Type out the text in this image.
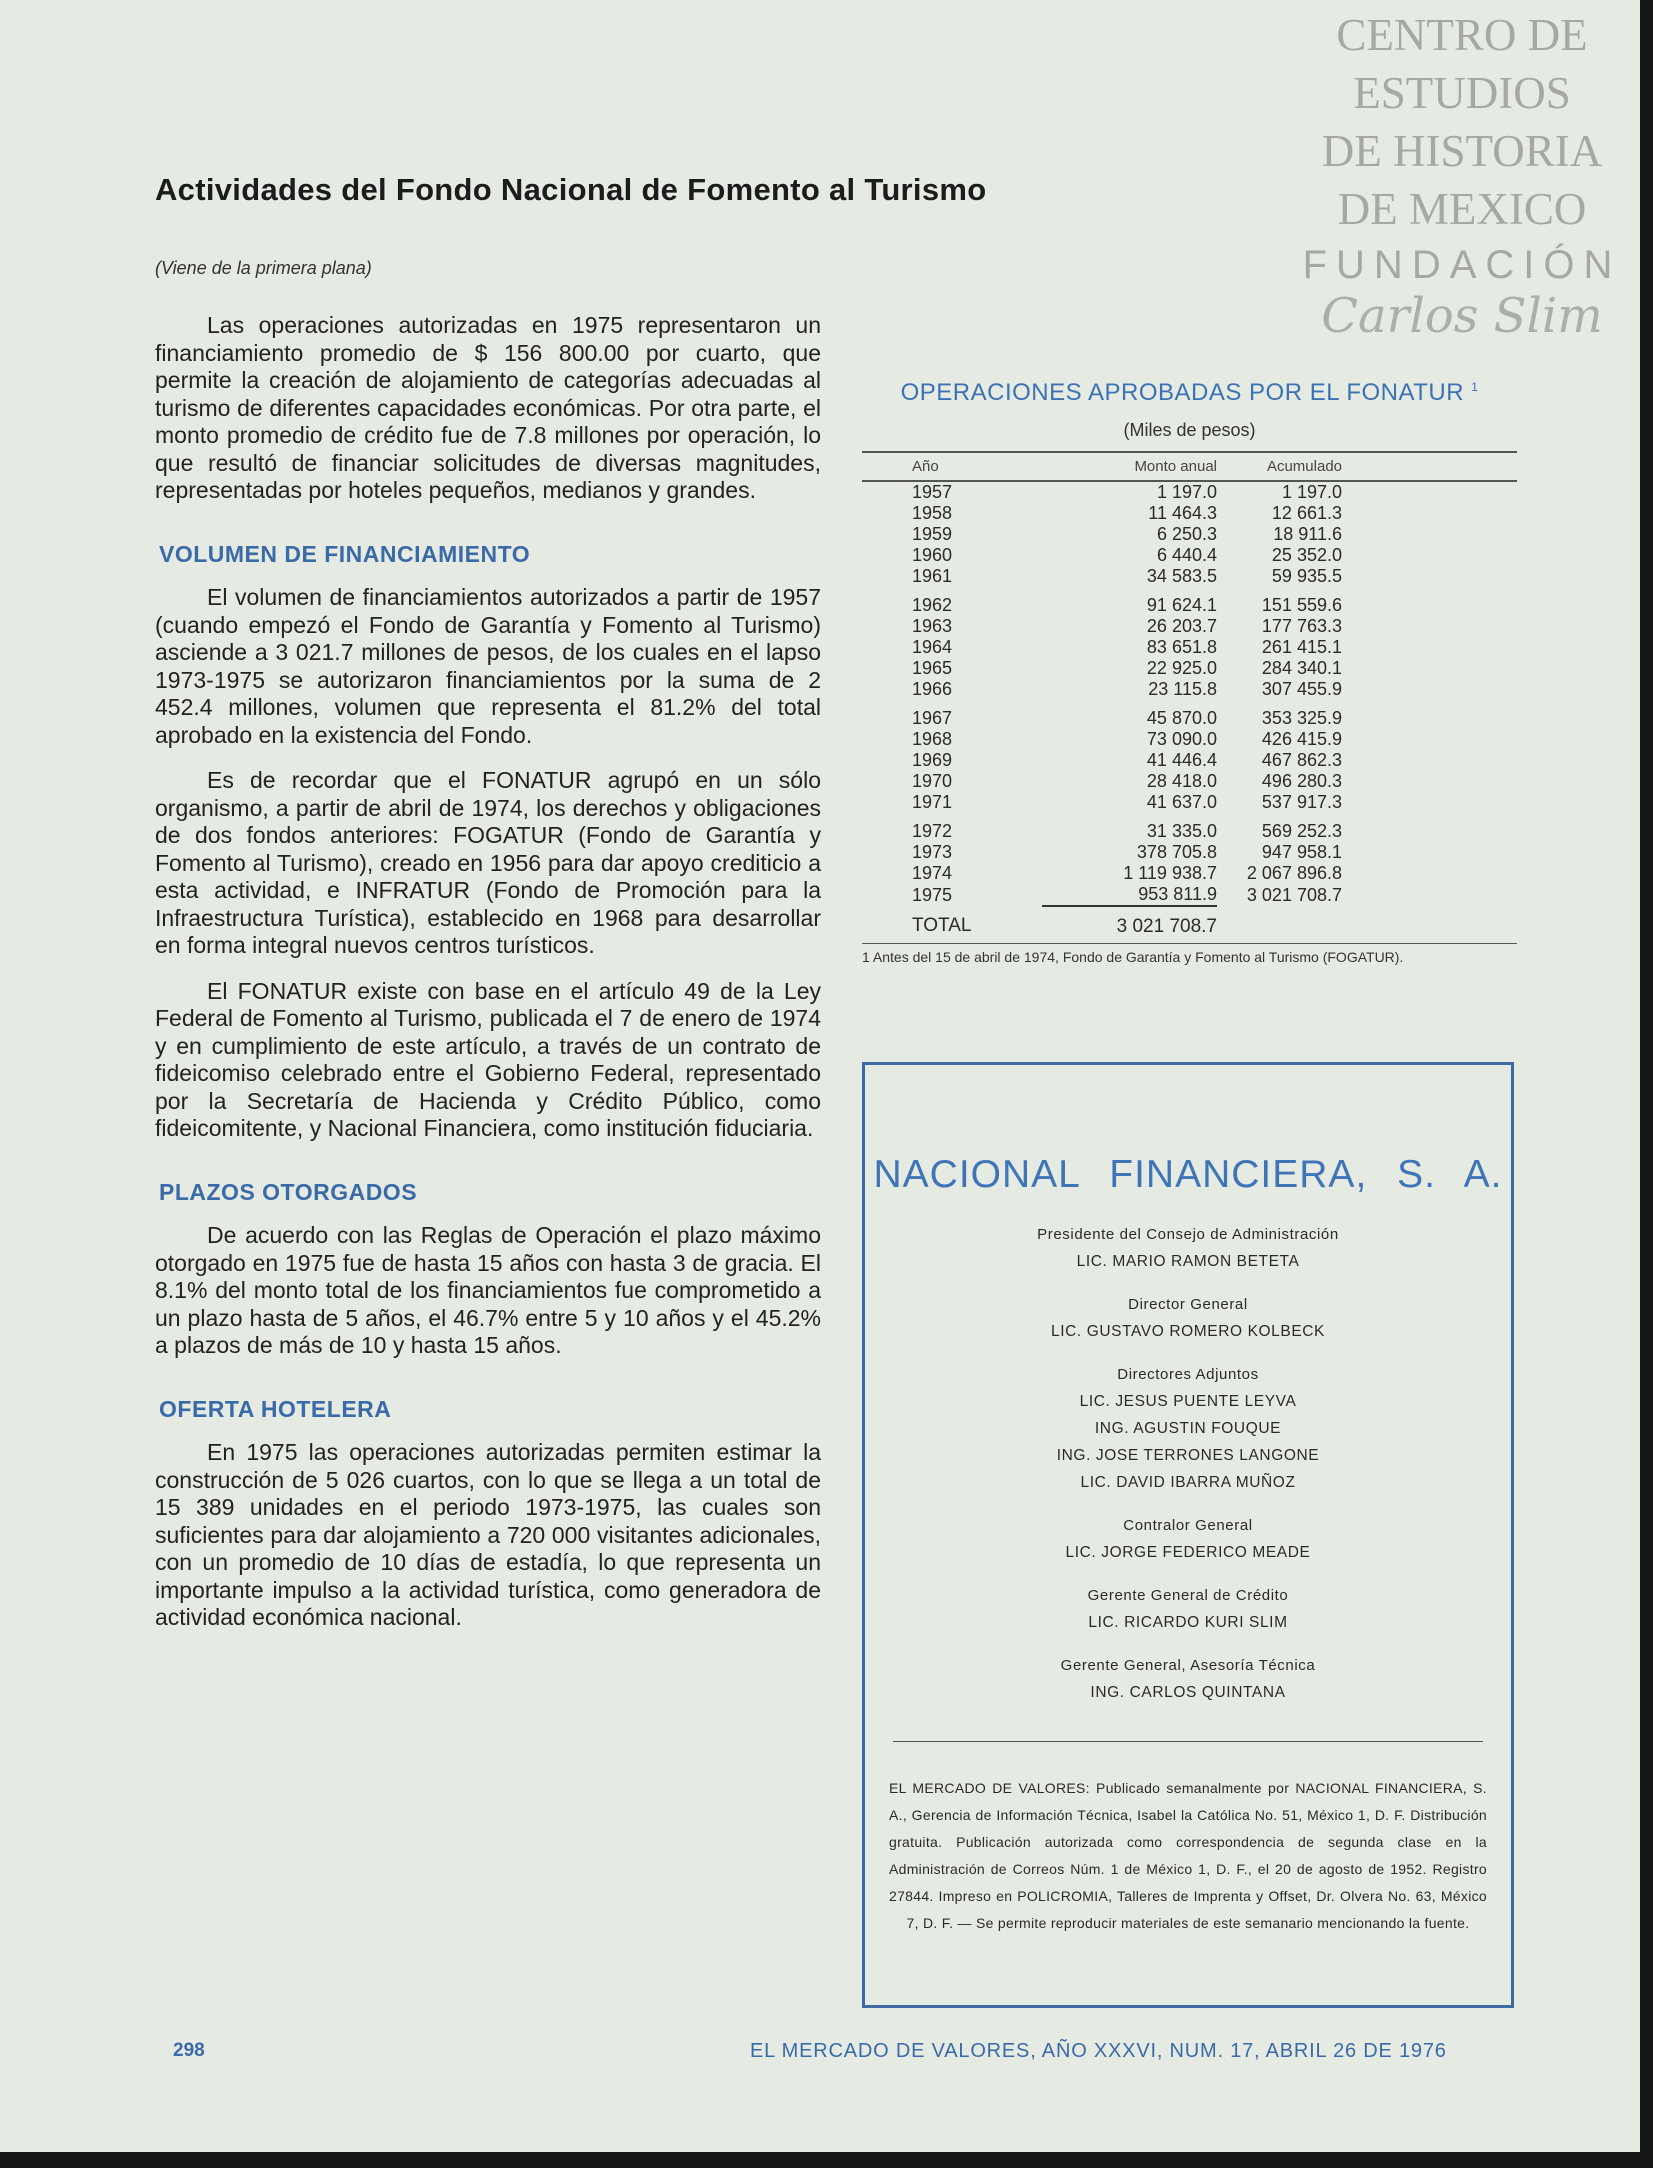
CENTRO DE
ESTUDIOS
DE HISTORIA
DE MEXICO
FUNDACIÓN
Carlos Slim
Actividades del Fondo Nacional de Fomento al Turismo
(Viene de la primera plana)

Las operaciones autorizadas en 1975 representaron un financiamiento promedio de $ 156 800.00 por cuarto, que permite la creación de alojamiento de categorías adecuadas al turismo de diferentes capacidades económicas. Por otra parte, el monto promedio de crédito fue de 7.8 millones por operación, lo que resultó de financiar solicitudes de diversas magnitudes, representadas por hoteles pequeños, medianos y grandes.

VOLUMEN DE FINANCIAMIENTO

El volumen de financiamientos autorizados a partir de 1957 (cuando empezó el Fondo de Garantía y Fomento al Turismo) asciende a 3 021.7 millones de pesos, de los cuales en el lapso 1973-1975 se autorizaron financiamientos por la suma de 2 452.4 millones, volumen que representa el 81.2% del total aprobado en la existencia del Fondo.

Es de recordar que el FONATUR agrupó en un sólo organismo, a partir de abril de 1974, los derechos y obligaciones de dos fondos anteriores: FOGATUR (Fondo de Garantía y Fomento al Turismo), creado en 1956 para dar apoyo crediticio a esta actividad, e INFRATUR (Fondo de Promoción para la Infraestructura Turística), establecido en 1968 para desarrollar en forma integral nuevos centros turísticos.

El FONATUR existe con base en el artículo 49 de la Ley Federal de Fomento al Turismo, publicada el 7 de enero de 1974 y en cumplimiento de este artículo, a través de un contrato de fideicomiso celebrado entre el Gobierno Federal, representado por la Secretaría de Hacienda y Crédito Público, como fideicomitente, y Nacional Financiera, como institución fiduciaria.

PLAZOS OTORGADOS

De acuerdo con las Reglas de Operación el plazo máximo otorgado en 1975 fue de hasta 15 años con hasta 3 de gracia. El 8.1% del monto total de los financiamientos fue comprometido a un plazo hasta de 5 años, el 46.7% entre 5 y 10 años y el 45.2% a plazos de más de 10 y hasta 15 años.

OFERTA HOTELERA

En 1975 las operaciones autorizadas permiten estimar la construcción de 5 026 cuartos, con lo que se llega a un total de 15 389 unidades en el periodo 1973-1975, las cuales son suficientes para dar alojamiento a 720 000 visitantes adicionales, con un promedio de 10 días de estadía, lo que representa un importante impulso a la actividad turística, como generadora de actividad económica nacional.

OPERACIONES APROBADAS POR EL FONATUR $^1$
(Miles de pesos)
Año	Monto anual	Acumulado
1957	1 197.0	1 197.0
1958	11 464.3	12 661.3
1959	6 250.3	18 911.6
1960	6 440.4	25 352.0
1961	34 583.5	59 935.5
1962	91 624.1	151 559.6
1963	26 203.7	177 763.3
1964	83 651.8	261 415.1
1965	22 925.0	284 340.1
1966	23 115.8	307 455.9
1967	45 870.0	353 325.9
1968	73 090.0	426 415.9
1969	41 446.4	467 862.3
1970	28 418.0	496 280.3
1971	41 637.0	537 917.3
1972	31 335.0	569 252.3
1973	378 705.8	947 958.1
1974	1 119 938.7	2 067 896.8
1975	953 811.9	3 021 708.7
TOTAL	3 021 708.7	
1 Antes del 15 de abril de 1974, Fondo de Garantía y Fomento al Turismo (FOGATUR).
NACIONAL FINANCIERA, S. A.
Presidente del Consejo de Administración
LIC. MARIO RAMON BETETA
Director General
LIC. GUSTAVO ROMERO KOLBECK
Directores Adjuntos
LIC. JESUS PUENTE LEYVA
ING. AGUSTIN FOUQUE
ING. JOSE TERRONES LANGONE
LIC. DAVID IBARRA MUÑOZ
Contralor General
LIC. JORGE FEDERICO MEADE
Gerente General de Crédito
LIC. RICARDO KURI SLIM
Gerente General, Asesoría Técnica
ING. CARLOS QUINTANA
EL MERCADO DE VALORES: Publicado semanalmente por NACIONAL FINANCIERA, S. A., Gerencia de Información Técnica, Isabel la Católica No. 51, México 1, D. F. Distribución gratuita. Publicación autorizada como correspondencia de segunda clase en la Administración de Correos Núm. 1 de México 1, D. F., el 20 de agosto de 1952. Registro 27844. Impreso en POLICROMIA, Talleres de Imprenta y Offset, Dr. Olvera No. 63, México 7, D. F. — Se permite reproducir materiales de este semanario mencionando la fuente.
298	EL MERCADO DE VALORES, AÑO XXXVI, NUM. 17, ABRIL 26 DE 1976
